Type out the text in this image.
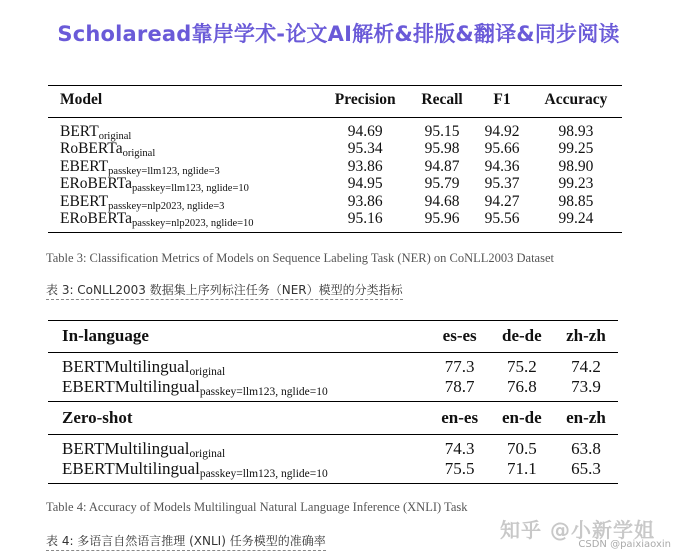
Scholaread靠岸学术-论文AI解析&排版&翻译&同步阅读
Model	Precision	Recall	F1	Accuracy
$BERT_{original}$	94.69	95.15	94.92	98.93
RoBERTa$_{original}$	95.34	95.98	95.66	99.25
$EBERT_{passkey=llm123, nglide=3}$	93.86	94.87	94.36	98.90
ERoBERTa$_{passkey=llm123, nglide=10}$	94.95	95.79	95.37	99.23
$EBERT_{passkey=nlp2023, nglide=3}$	93.86	94.68	94.27	98.85
ERoBERTa$_{passkey=nlp2023, nglide=10}$	95.16	95.96	95.56	99.24
Table 3: Classification Metrics of Models on Sequence Labeling Task (NER) on CoNLL2003 Dataset
表 3: CoNLL2003 数据集上序列标注任务（NER）模型的分类指标
In-language	es-es	de-de	zh-zh
BERTMultilingual$_{original}$	77.3	75.2	74.2
EBERTMultilingual$_{passkey=llm123, nglide=10}$	78.7	76.8	73.9
Zero-shot	en-es	en-de	en-zh
BERTMultilingual$_{original}$	74.3	70.5	63.8
EBERTMultilingual$_{passkey=llm123, nglide=10}$	75.5	71.1	65.3
Table 4: Accuracy of Models Multilingual Natural Language Inference (XNLI) Task
表 4: 多语言自然语言推理 (XNLI) 任务模型的准确率	知乎 @小新学姐
CSDN @paixiaoxin
